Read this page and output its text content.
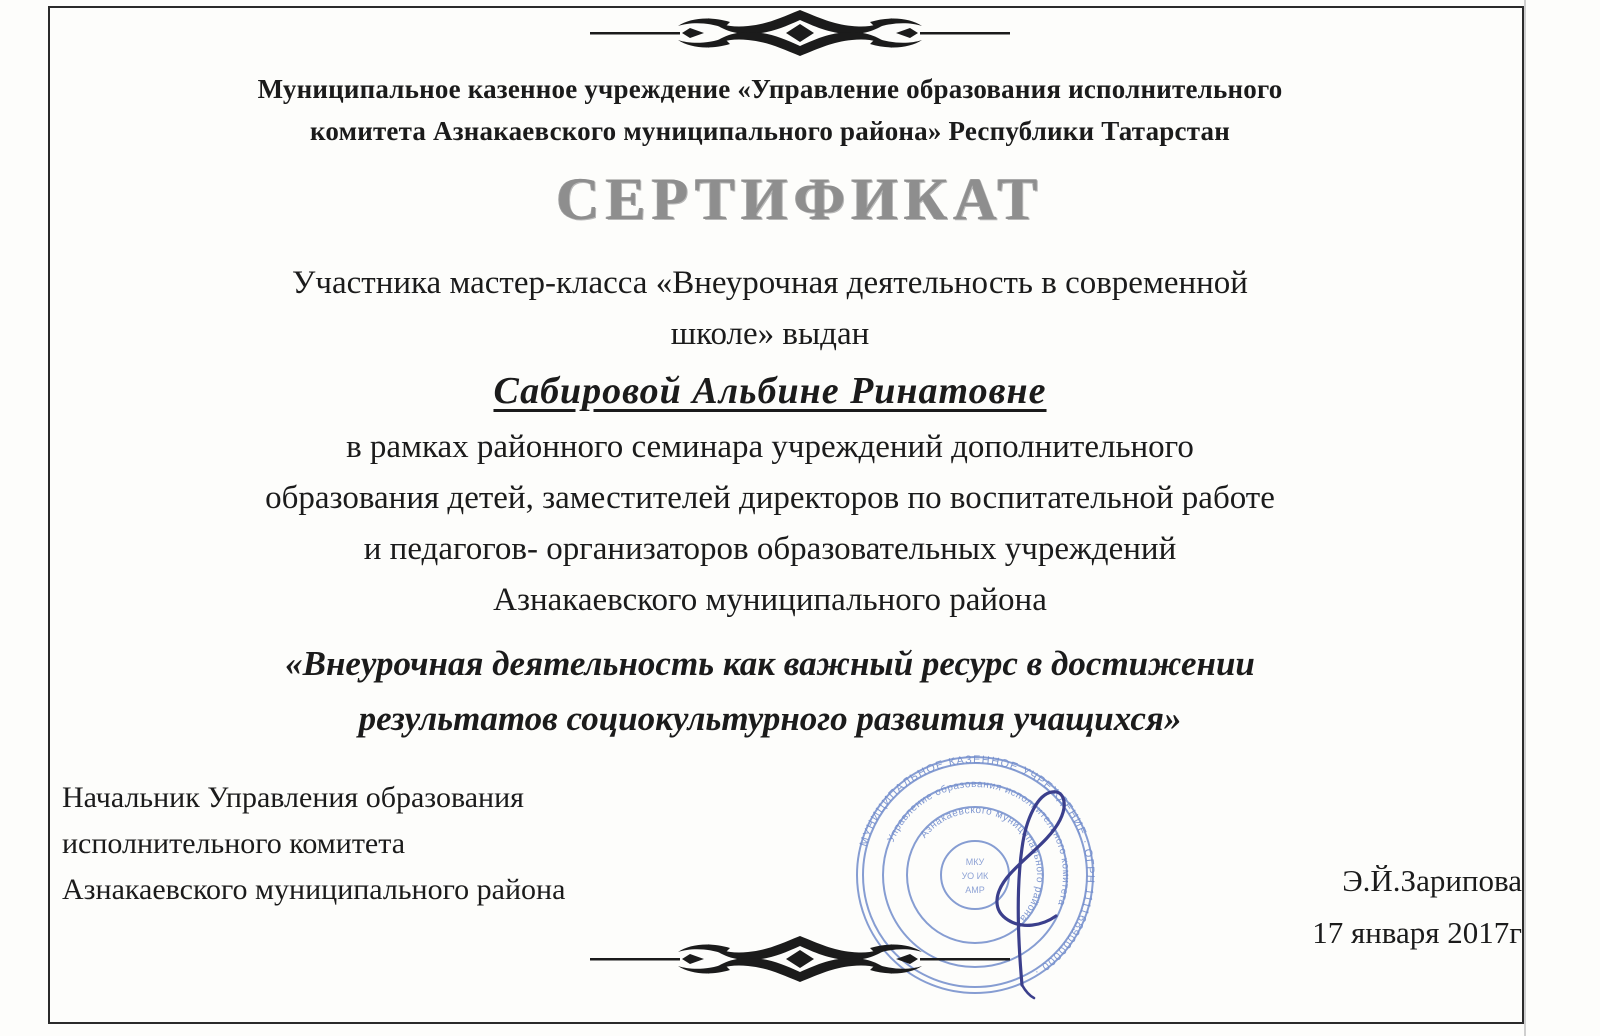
Муниципальное казенное учреждение «Управление образования исполнительного
комитета Азнакаевского муниципального района» Республики Татарстан
СЕРТИФИКАТ
Участника мастер-класса «Внеурочная деятельность в современной
школе» выдан
Сабировой Альбине Ринатовне
в рамках районного семинара учреждений дополнительного
образования детей, заместителей директоров по воспитательной работе
и педагогов- организаторов образовательных учреждений
Азнакаевского муниципального района
«Внеурочная деятельность как важный ресурс в достижении
результатов социокультурного развития учащихся»
Начальник Управления образования
исполнительного комитета
Азнакаевского муниципального района	Э.Й.Зарипова
17 января 2017г
МУНИЦИПАЛЬНОЕ КАЗЕННОЕ УЧРЕЖДЕНИЕ · ОГРН 1111689000000 ·
Управление образования исполнительного комитета
Азнакаевского муниципального района
МКУ
УО ИК
АМР
